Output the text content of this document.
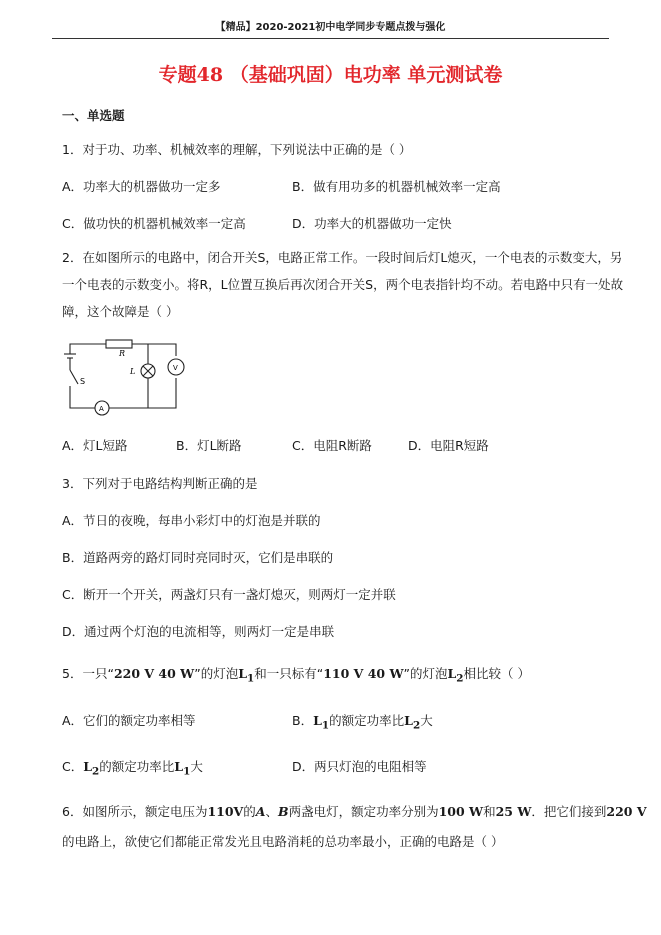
【精品】2020-2021初中电学同步专题点拨与强化
专题48 （基础巩固）电功率 单元测试卷
一、单选题
1．对于功、功率、机械效率的理解，下列说法中正确的是（ ）
A．功率大的机器做功一定多	B．做有用功多的机器机械效率一定高
C．做功快的机器机械效率一定高	D．功率大的机器做功一定快
2．在如图所示的电路中，闭合开关S，电路正常工作。一段时间后灯L熄灭，一个电表的示数变大，另
一个电表的示数变小。将R，L位置互换后再次闭合开关S，两个电表指针均不动。若电路中只有一处故
障，这个故障是（ ）
R
L
S
A
V
A．灯L短路	B．灯L断路	C．电阻R断路	D．电阻R短路
3．下列对于电路结构判断正确的是
A．节日的夜晚，每串小彩灯中的灯泡是并联的
B．道路两旁的路灯同时亮同时灭，它们是串联的
C．断开一个开关，两盏灯只有一盏灯熄灭，则两灯一定并联
D．通过两个灯泡的电流相等，则两灯一定是串联
5．一只“220 V 40 W”的灯泡$L_1$和一只标有“110 V 40 W”的灯泡$L_2$相比较（ ）
A．它们的额定功率相等	B．$L_1$的额定功率比$L_2$大
C．$L_2$的额定功率比$L_1$大	D．两只灯泡的电阻相等
6．如图所示，额定电压为110V的A、B两盏电灯，额定功率分别为100 W和25 W．把它们接到220 V
的电路上，欲使它们都能正常发光且电路消耗的总功率最小，正确的电路是（ ）
